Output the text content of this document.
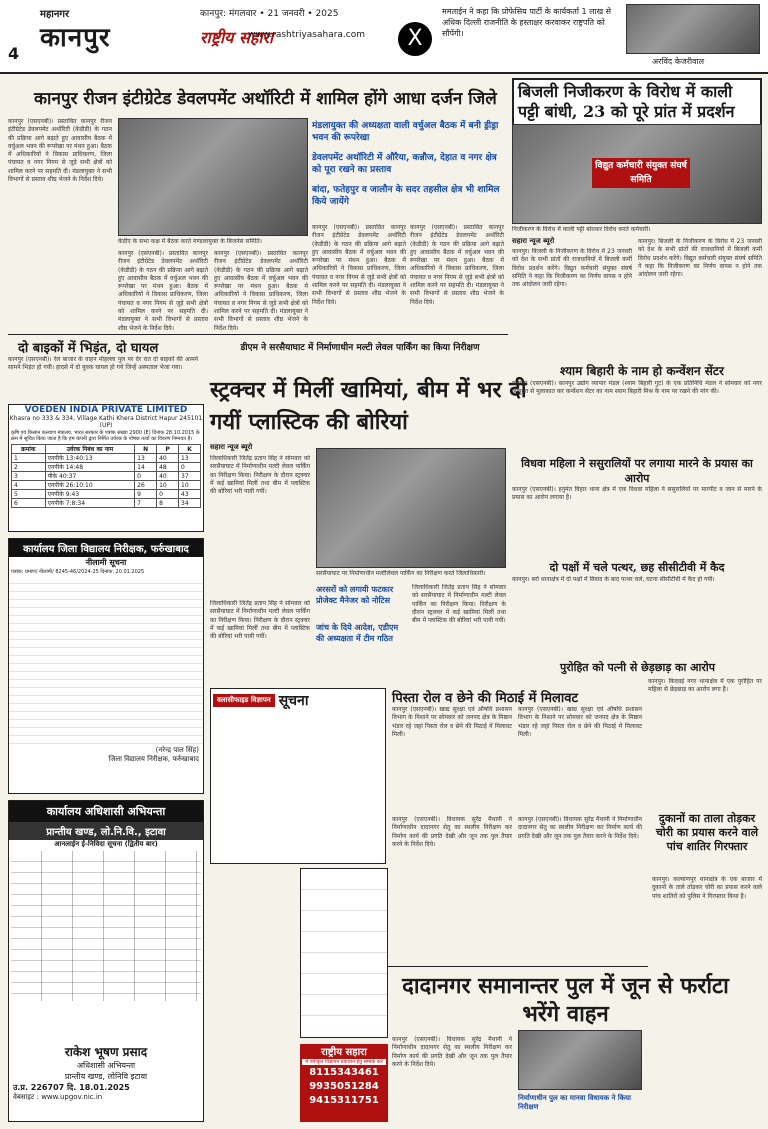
4
महानगर
कानपुर
कानपुर: मंगलवार • 21 जनवरी • 2025
राष्ट्रीय सहारा
www.rashtriyasahara.com	X
ममताईन ने कहा कि प्रोफेसिय पार्टी के कार्यकर्ता 1 लाख से अधिक दिल्ली राजनीति के हस्ताक्षर करवाकर राष्ट्रपति को सौंपेंगी।
अरविंद केजरीवाल
कानपुर रीजन इंटीग्रेटेड डेवलपमेंट अथॉरिटी में शामिल होंगे आधा दर्जन जिले
कानपुर (एसएनबी)। प्रस्तावित कानपुर रीजन इंटीग्रेटेड डेवलपमेंट अथॉरिटी (केडीडी) के गठन की प्रक्रिया आगे बढ़ाते हुए आवासीय बैठक में वर्चुअल भवन की रूपरेखा पर मंथन हुआ। बैठक में अधिकारियों ने विकास प्राधिकरण, जिला पंचायत व नगर निगम से जुड़े सभी क्षेत्रों को शामिल करने पर सहमति दी। मंडलायुक्त ने सभी विभागों से प्रस्ताव शीघ्र भेजने के निर्देश दिये।
केडीए के सभा कक्ष में बैठक करते मण्डलायुक्त के बिजनेस समिति।
कानपुर (एसएनबी)। प्रस्तावित कानपुर रीजन इंटीग्रेटेड डेवलपमेंट अथॉरिटी (केडीडी) के गठन की प्रक्रिया आगे बढ़ाते हुए आवासीय बैठक में वर्चुअल भवन की रूपरेखा पर मंथन हुआ। बैठक में अधिकारियों ने विकास प्राधिकरण, जिला पंचायत व नगर निगम से जुड़े सभी क्षेत्रों को शामिल करने पर सहमति दी। मंडलायुक्त ने सभी विभागों से प्रस्ताव शीघ्र भेजने के निर्देश दिये।
कानपुर (एसएनबी)। प्रस्तावित कानपुर रीजन इंटीग्रेटेड डेवलपमेंट अथॉरिटी (केडीडी) के गठन की प्रक्रिया आगे बढ़ाते हुए आवासीय बैठक में वर्चुअल भवन की रूपरेखा पर मंथन हुआ। बैठक में अधिकारियों ने विकास प्राधिकरण, जिला पंचायत व नगर निगम से जुड़े सभी क्षेत्रों को शामिल करने पर सहमति दी। मंडलायुक्त ने सभी विभागों से प्रस्ताव शीघ्र भेजने के निर्देश दिये।
मंडलायुक्त की अध्यक्षता वाली वर्चुअल बैठक में बनी ड्रीड्रा भवन की रूपरेखा
डेवलपमेंट अथॉरिटी में औरैया, कन्नौज, देहात व नगर क्षेत्र को पूरा रखने का प्रस्ताव
बांदा, फतेहपुर व जालौन के सदर तहसील क्षेत्र भी शामिल किये जायेंगे
कानपुर (एसएनबी)। प्रस्तावित कानपुर रीजन इंटीग्रेटेड डेवलपमेंट अथॉरिटी (केडीडी) के गठन की प्रक्रिया आगे बढ़ाते हुए आवासीय बैठक में वर्चुअल भवन की रूपरेखा पर मंथन हुआ। बैठक में अधिकारियों ने विकास प्राधिकरण, जिला पंचायत व नगर निगम से जुड़े सभी क्षेत्रों को शामिल करने पर सहमति दी। मंडलायुक्त ने सभी विभागों से प्रस्ताव शीघ्र भेजने के निर्देश दिये।
कानपुर (एसएनबी)। प्रस्तावित कानपुर रीजन इंटीग्रेटेड डेवलपमेंट अथॉरिटी (केडीडी) के गठन की प्रक्रिया आगे बढ़ाते हुए आवासीय बैठक में वर्चुअल भवन की रूपरेखा पर मंथन हुआ। बैठक में अधिकारियों ने विकास प्राधिकरण, जिला पंचायत व नगर निगम से जुड़े सभी क्षेत्रों को शामिल करने पर सहमति दी। मंडलायुक्त ने सभी विभागों से प्रस्ताव शीघ्र भेजने के निर्देश दिये।
बिजली निजीकरण के विरोध में काली पट्टी बांधी, 23 को पूरे प्रांत में प्रदर्शन
विद्युत कर्मचारी संयुक्त संघर्ष समिति
निजीकरण के विरोध में काली पट्टी बांधकर विरोध करते कर्मचारी।
सहारा न्यूज ब्यूरो
कानपुर। बिजली के निजीकरण के विरोध में 23 जनवरी को देश के सभी प्रांतों की राजधानियों में बिजली कर्मी विरोध प्रदर्शन करेंगे। विद्युत कर्मचारी संयुक्त संघर्ष समिति ने कहा कि निजीकरण का निर्णय वापस न होने तक आंदोलन जारी रहेगा।
कानपुर। बिजली के निजीकरण के विरोध में 23 जनवरी को देश के सभी प्रांतों की राजधानियों में बिजली कर्मी विरोध प्रदर्शन करेंगे। विद्युत कर्मचारी संयुक्त संघर्ष समिति ने कहा कि निजीकरण का निर्णय वापस न होने तक आंदोलन जारी रहेगा।
दो बाइकों में भिड़ंत, दो घायल
कानपुर (एसएनबी)। रेल बाजार के वाहन मोहल्ला पुल पर देर रात दो बाइकों की आमने सामने भिड़ंत हो गयी। हादसे में दो युवक घायल हो गये जिन्हें अस्पताल भेजा गया।
डीएम ने सरसैयाघाट में निर्माणाधीन मल्टी लेवल पार्किंग का किया निरीक्षण
स्ट्रक्चर में मिलीं खामियां, बीम में भर दी गयीं प्लास्टिक की बोरियां
सहारा न्यूज ब्यूरो
जिलाधिकारी जितेंद्र प्रताप सिंह ने सोमवार को सरसैयाघाट में निर्माणाधीन मल्टी लेवल पार्किंग का निरीक्षण किया। निरीक्षण के दौरान स्ट्रक्चर में कई खामियां मिलीं तथा बीम में प्लास्टिक की बोरियां भरी पायी गयीं।
सरसैयाघाट पर निर्माणाधीन मल्टीलेवल पार्किंग का निरीक्षण करते जिलाधिकारी।
जिलाधिकारी जितेंद्र प्रताप सिंह ने सोमवार को सरसैयाघाट में निर्माणाधीन मल्टी लेवल पार्किंग का निरीक्षण किया। निरीक्षण के दौरान स्ट्रक्चर में कई खामियां मिलीं तथा बीम में प्लास्टिक की बोरियां भरी पायी गयीं।
अरसरों को लगायी फटकार प्रोजेक्ट मैनेजर को नोटिस
जांच के दिये आदेश, एडीएम की अध्यक्षता में टीम गठित
जिलाधिकारी जितेंद्र प्रताप सिंह ने सोमवार को सरसैयाघाट में निर्माणाधीन मल्टी लेवल पार्किंग का निरीक्षण किया। निरीक्षण के दौरान स्ट्रक्चर में कई खामियां मिलीं तथा बीम में प्लास्टिक की बोरियां भरी पायी गयीं।
VOEDEN INDIA PRIVATE LIMITED
Khasra no 333 & 334, Village Kathi Khera District Hapur 245101 (UP)
कृषि एवं किसान कल्याण मंत्रालय, भारत सरकार के पत्रांक संख्या 2900 (E) दिनांक 28.10.2015 के क्रम में सूचित किया जाता है कि हम कंपनी द्वारा निर्मित उर्वरक के पोषक तत्वों का विवरण निम्नवत है।
क्रमांक	उर्वरक निबंध का नाम	N	P	K
1	एनपीके 13:40:13	13	40	13
2	एनपीके 14:48	14	48	0
3	पीके 40:37	0	40	37
4	एनपीके 26:10:10	26	10	10
5	एनपीके 9:43	9	0	43
6	एनपीके 7:8:34	7	8	34
कार्यालय जिला विद्यालय निरीक्षक, फर्रुखाबाद
नीलामी सूचना
पत्रांक: प्रमाण/ नीलामी/ 8245-46/2024-25 दिनांक: 20.01.2025
(नरेन्द्र पाल सिंह)
जिला विद्यालय निरीक्षक, फर्रुखाबाद
कार्यालय अधिशासी अभियन्ता
प्रान्तीय खण्ड, लो.नि.वि., इटावा
आनलाईन ई-निविदा सूचना (द्वितीय बार)
राकेश भूषण प्रसाद
अधिशासी अभियन्ता
प्रान्तीय खण्ड, लोनिवि इटावा
उ.प्र. 226707 दि. 18.01.2025
वेबसाइट : www.upgov.nic.in
वलासीफाइड विज्ञापन सूचना
राष्ट्रीय सहारा
में वर्गीकृत विज्ञापन प्रकाशन हेतु सम्पर्क करें
8115343461
9935051284
9415311751
पिस्ता रोल व छेने की मिठाई में मिलावट
कानपुर (एसएनबी)। खाद्य सुरक्षा एवं औषधि प्रशासन विभाग के निशाने पर सोमवार को जनपद क्षेत्र के मिष्ठान भंडार रहे जहां पिस्ता रोल व छेने की मिठाई में मिलावट मिली।
कानपुर (एसएनबी)। खाद्य सुरक्षा एवं औषधि प्रशासन विभाग के निशाने पर सोमवार को जनपद क्षेत्र के मिष्ठान भंडार रहे जहां पिस्ता रोल व छेने की मिठाई में मिलावट मिली।
श्याम बिहारी के नाम हो कन्वेंशन सेंटर
कानपुर (एसएनबी)। कानपुर उद्योग व्यापार मंडल (श्याम बिहारी गुट) के एक प्रतिनिधि मंडल ने सोमवार को नगर आयुक्त से मुलाकात कर कन्वेंशन सेंटर का नाम श्याम बिहारी मिश्र के नाम पर रखने की मांग की।
विधवा महिला ने ससुरालियों पर लगाया मारने के प्रयास का आरोप
कानपुर (एसएनबी)। हनुमंत विहार थाना क्षेत्र में एक विधवा महिला ने ससुरालियों पर मारपीट व जान से मारने के प्रयास का आरोप लगाया है।
दो पक्षों में चले पत्थर, छह सीसीटीवी में कैद
कानपुर। बर्रा थानाक्षेत्र में दो पक्षों में विवाद के बाद पत्थर चले, घटना सीसीटीवी में कैद हो गयी।
पुरोहित को पत्नी से छेड़छाड़ का आरोप
कानपुर। किदवई नगर थानाक्षेत्र में एक पुरोहित पर महिला से छेड़छाड़ का आरोप लगा है।
दादानगर समानान्तर पुल में जून से फर्राटा भरेंगे वाहन
कानपुर (एसएनबी)। विधायक सुरेंद्र मैथानी ने निर्माणाधीन दादानगर सेतु का स्थलीय निरीक्षण कर निर्माण कार्य की प्रगति देखी और जून तक पुल तैयार करने के निर्देश दिये।
निर्माणाधीन पुल का मानवा विधायक ने किया निरीक्षण
कानपुर (एसएनबी)। विधायक सुरेंद्र मैथानी ने निर्माणाधीन दादानगर सेतु का स्थलीय निरीक्षण कर निर्माण कार्य की प्रगति देखी और जून तक पुल तैयार करने के निर्देश दिये।
कानपुर (एसएनबी)। विधायक सुरेंद्र मैथानी ने निर्माणाधीन दादानगर सेतु का स्थलीय निरीक्षण कर निर्माण कार्य की प्रगति देखी और जून तक पुल तैयार करने के निर्देश दिये।
दुकानों का ताला तोड़कर चोरी का प्रयास करने वाले पांच शातिर गिरफ्तार
कानपुर। कल्याणपुर थानाक्षेत्र के एक बाजार में दुकानों के ताले तोड़कर चोरी का प्रयास करने वाले पांच शातिरों को पुलिस ने गिरफ्तार किया है।
